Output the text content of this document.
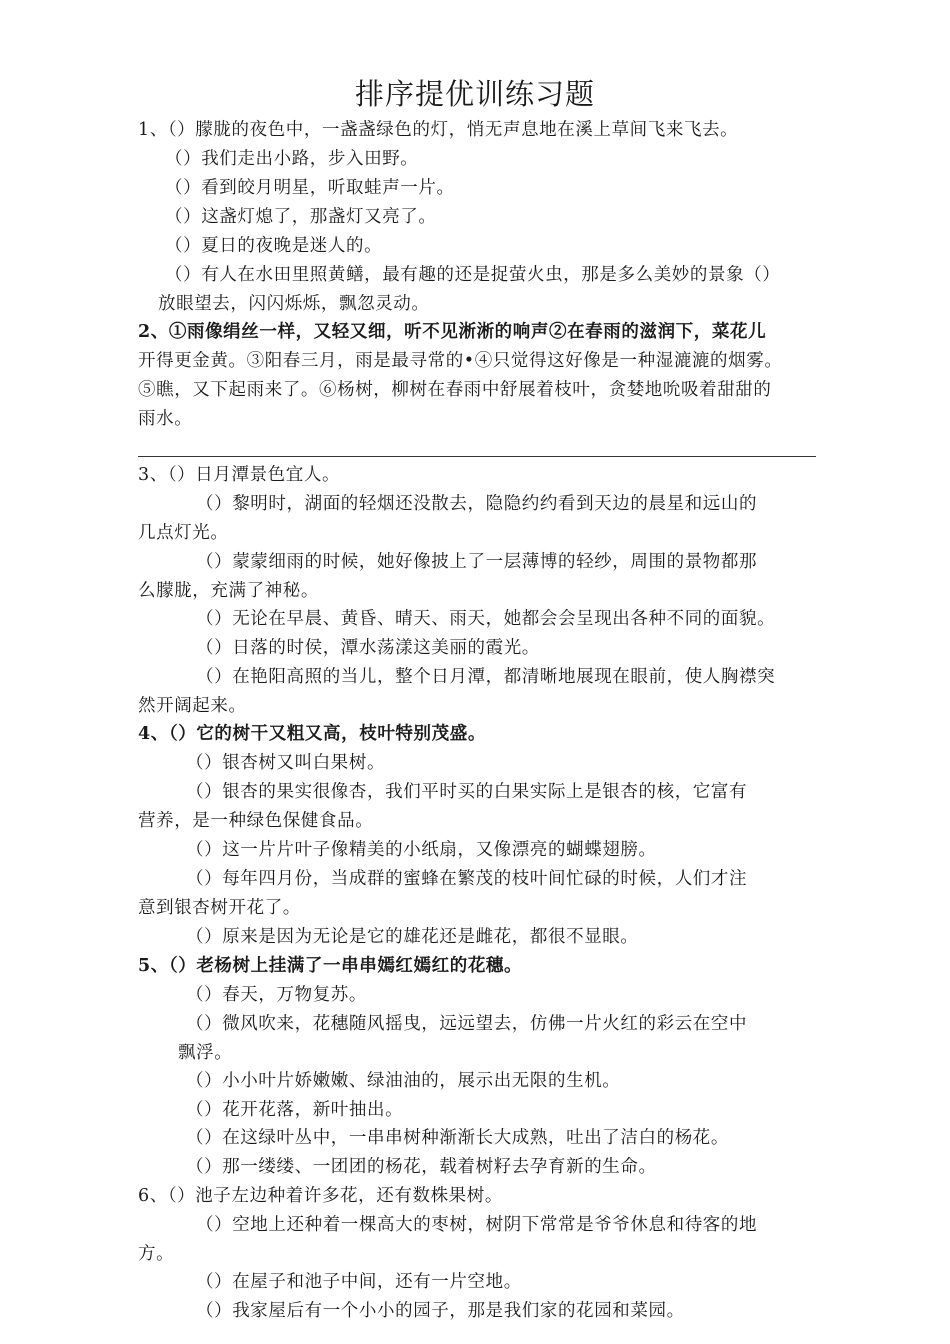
排序提优训练习题
1、（）朦胧的夜色中，一盏盏绿色的灯，悄无声息地在溪上草间飞来飞去。
（）我们走出小路，步入田野。
（）看到皎月明星，听取蛙声一片。
（）这盏灯熄了，那盏灯又亮了。
（）夏日的夜晚是迷人的。
（）有人在水田里照黄鳝，最有趣的还是捉萤火虫，那是多么美妙的景象（）
放眼望去，闪闪烁烁，飘忽灵动。
2、①雨像绢丝一样，又轻又细，听不见淅淅的响声②在春雨的滋润下，菜花儿
开得更金黄。③阳春三月，雨是最寻常的•④只觉得这好像是一种湿漉漉的烟雾。
⑤瞧，又下起雨来了。⑥杨树，柳树在春雨中舒展着枝叶，贪婪地吮吸着甜甜的
雨水。
3、（）日月潭景色宜人。
（）黎明时，湖面的轻烟还没散去，隐隐约约看到天边的晨星和远山的
几点灯光。
（）蒙蒙细雨的时候，她好像披上了一层薄博的轻纱，周围的景物都那
么朦胧，充满了神秘。
（）无论在早晨、黄昏、晴天、雨天，她都会会呈现出各种不同的面貌。
（）日落的时侯，潭水荡漾这美丽的霞光。
（）在艳阳高照的当儿，整个日月潭，都清晰地展现在眼前，使人胸襟突
然开阔起来。
4、（）它的树干又粗又高，枝叶特别茂盛。
（）银杏树又叫白果树。
（）银杏的果实很像杏，我们平时买的白果实际上是银杏的核，它富有
营养，是一种绿色保健食品。
（）这一片片叶子像精美的小纸扇，又像漂亮的蝴蝶翅膀。
（）每年四月份，当成群的蜜蜂在繁茂的枝叶间忙碌的时候，人们才注
意到银杏树开花了。
（）原来是因为无论是它的雄花还是雌花，都很不显眼。
5、（）老杨树上挂满了一串串嫣红嫣红的花穗。
（）春天，万物复苏。
（）微风吹来，花穗随风摇曳，远远望去，仿佛一片火红的彩云在空中
飘浮。
（）小小叶片娇嫩嫩、绿油油的，展示出无限的生机。
（）花开花落，新叶抽出。
（）在这绿叶丛中，一串串树种渐渐长大成熟，吐出了洁白的杨花。
（）那一缕缕、一团团的杨花，载着树籽去孕育新的生命。
6、（）池子左边种着许多花，还有数株果树。
（）空地上还种着一棵高大的枣树，树阴下常常是爷爷休息和待客的地
方。
（）在屋子和池子中间，还有一片空地。
（）我家屋后有一个小小的园子，那是我们家的花园和菜园。
